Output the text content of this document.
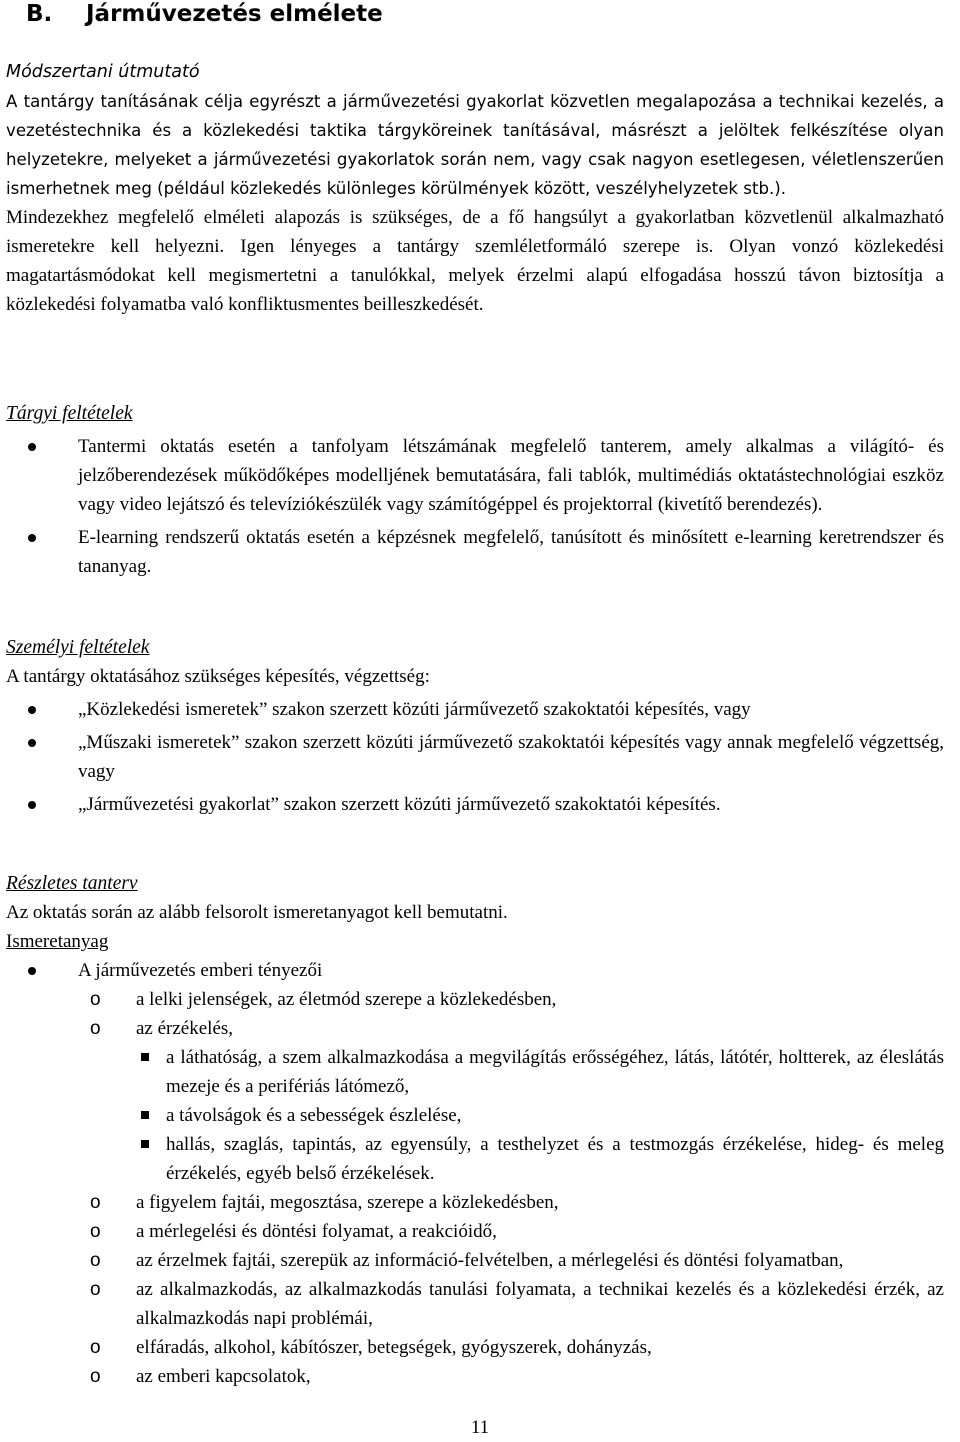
B. Járművezetés elmélete
Módszertani útmutató
A tantárgy tanításának célja egyrészt a járművezetési gyakorlat közvetlen megalapozása a technikai kezelés, a vezetéstechnika és a közlekedési taktika tárgyköreinek tanításával, másrészt a jelöltek felkészítése olyan helyzetekre, melyeket a járművezetési gyakorlatok során nem, vagy csak nagyon esetlegesen, véletlenszerűen ismerhetnek meg (például közlekedés különleges körülmények között, veszélyhelyzetek stb.).
Mindezekhez megfelelő elméleti alapozás is szükséges, de a fő hangsúlyt a gyakorlatban közvetlenül alkalmazható ismeretekre kell helyezni. Igen lényeges a tantárgy szemléletformáló szerepe is. Olyan vonzó közlekedési magatartásmódokat kell megismertetni a tanulókkal, melyek érzelmi alapú elfogadása hosszú távon biztosítja a közlekedési folyamatba való konfliktusmentes beilleszkedését.
Tárgyi feltételek
Tantermi oktatás esetén a tanfolyam létszámának megfelelő tanterem, amely alkalmas a világító- és jelzőberendezések működőképes modelljének bemutatására, fali tablók, multimédiás oktatástechnológiai eszköz vagy video lejátszó és televíziókészülék vagy számítógéppel és projektorral (kivetítő berendezés).
E-learning rendszerű oktatás esetén a képzésnek megfelelő, tanúsított és minősített e-learning keretrendszer és tananyag.
Személyi feltételek
A tantárgy oktatásához szükséges képesítés, végzettség:
„Közlekedési ismeretek” szakon szerzett közúti járművezető szakoktatói képesítés, vagy
„Műszaki ismeretek” szakon szerzett közúti járművezető szakoktatói képesítés vagy annak megfelelő végzettség, vagy
„Járművezetési gyakorlat” szakon szerzett közúti járművezető szakoktatói képesítés.
Részletes tanterv
Az oktatás során az alább felsorolt ismeretanyagot kell bemutatni.
Ismeretanyag
A járművezetés emberi tényezői
o a lelki jelenségek, az életmód szerepe a közlekedésben,
o az érzékelés,
a láthatóság, a szem alkalmazkodása a megvilágítás erősségéhez, látás, látótér, holtterek, az éleslátás mezeje és a perifériás látómező,
a távolságok és a sebességek észlelése,
hallás, szaglás, tapintás, az egyensúly, a testhelyzet és a testmozgás érzékelése, hideg- és meleg érzékelés, egyéb belső érzékelések.
o a figyelem fajtái, megosztása, szerepe a közlekedésben,
o a mérlegelési és döntési folyamat, a reakcióidő,
o az érzelmek fajtái, szerepük az információ-felvételben, a mérlegelési és döntési folyamatban,
o az alkalmazkodás, az alkalmazkodás tanulási folyamata, a technikai kezelés és a közlekedési érzék, az alkalmazkodás napi problémái,
o elfáradás, alkohol, kábítószer, betegségek, gyógyszerek, dohányzás,
o az emberi kapcsolatok,
11
